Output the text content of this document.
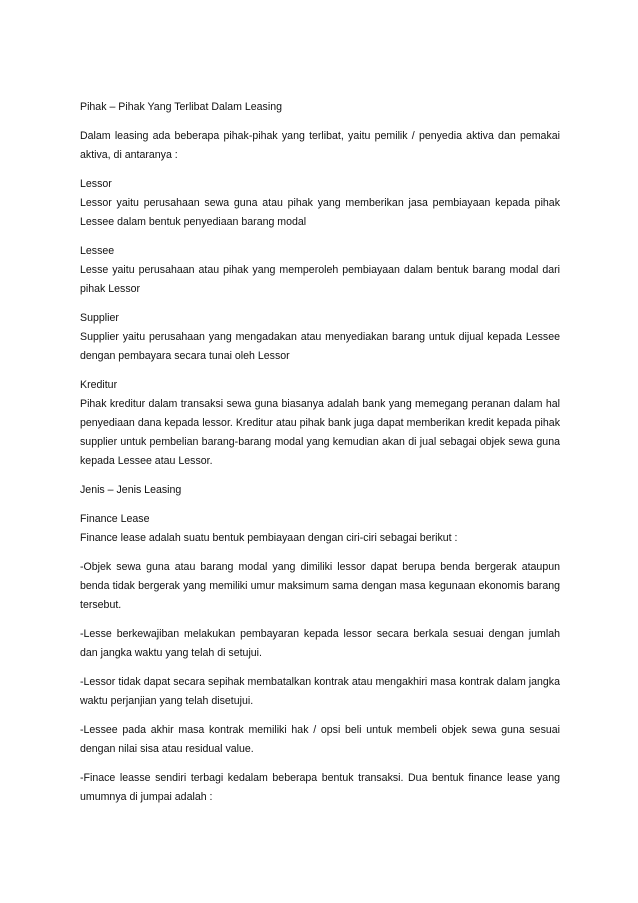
Pihak – Pihak Yang Terlibat Dalam Leasing

Dalam leasing ada beberapa pihak-pihak yang terlibat, yaitu pemilik / penyedia aktiva dan pemakai aktiva, di antaranya :

Lessor
Lessor yaitu perusahaan sewa guna atau pihak yang memberikan jasa pembiayaan kepada pihak Lessee dalam bentuk penyediaan barang modal

Lessee
Lesse yaitu perusahaan atau pihak yang memperoleh pembiayaan dalam bentuk barang modal dari pihak Lessor

Supplier
Supplier yaitu perusahaan yang mengadakan atau menyediakan barang untuk dijual kepada Lessee dengan pembayara secara tunai oleh Lessor

Kreditur
Pihak kreditur dalam transaksi sewa guna biasanya adalah bank yang memegang peranan dalam hal penyediaan dana kepada lessor. Kreditur atau pihak bank juga dapat memberikan kredit kepada pihak supplier untuk pembelian barang-barang modal yang kemudian akan di jual sebagai objek sewa guna kepada Lessee atau Lessor.

Jenis – Jenis Leasing

Finance Lease
Finance lease adalah suatu bentuk pembiayaan dengan ciri-ciri sebagai berikut :

-Objek sewa guna atau barang modal yang dimiliki lessor dapat berupa benda bergerak ataupun benda tidak bergerak yang memiliki umur maksimum sama dengan masa kegunaan ekonomis barang tersebut.

-Lesse berkewajiban melakukan pembayaran kepada lessor secara berkala sesuai dengan jumlah dan jangka waktu yang telah di setujui.

-Lessor tidak dapat secara sepihak membatalkan kontrak atau mengakhiri masa kontrak dalam jangka waktu perjanjian yang telah disetujui.

-Lessee pada akhir masa kontrak memiliki hak / opsi beli untuk membeli objek sewa guna sesuai dengan nilai sisa atau residual value.

-Finace leasse sendiri terbagi kedalam beberapa bentuk transaksi. Dua bentuk finance lease yang umumnya di jumpai adalah :
